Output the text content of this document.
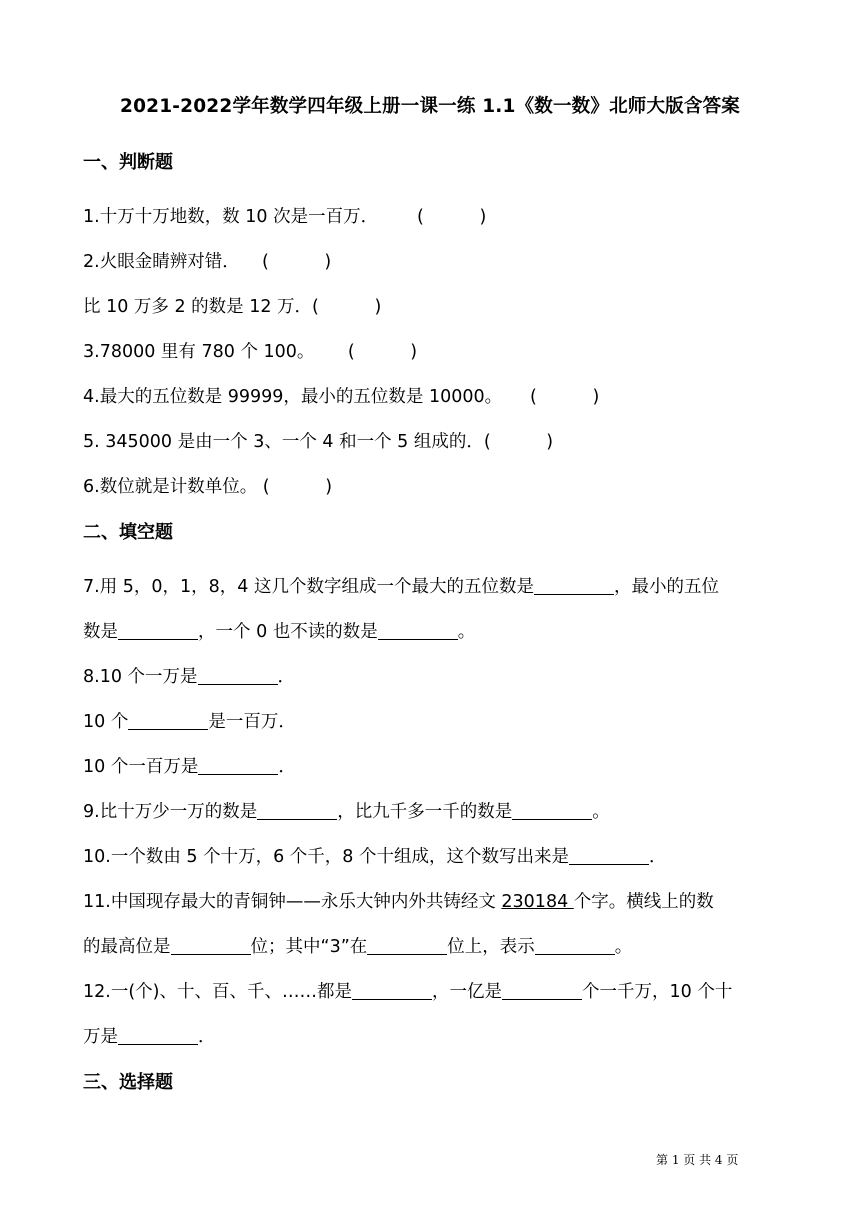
2021-2022学年数学四年级上册一课一练 1.1《数一数》北师大版含答案
一、判断题
1.十万十万地数，数 10 次是一百万． (          )
2.火眼金睛辨对错． (          )
比 10 万多 2 的数是 12 万．(          )
3.78000 里有 780 个 100。 (          )
4.最大的五位数是 99999，最小的五位数是 10000。 (          )
5. 345000 是由一个 3、一个 4 和一个 5 组成的．(          )
6.数位就是计数单位。 (          )
二、填空题
7.用 5，0，1，8，4 这几个数字组成一个最大的五位数是	，最小的五位
数是	，一个 0 也不读的数是	。
8.10 个一万是	．
10 个	是一百万．
10 个一百万是	．
9.比十万少一万的数是	，比九千多一千的数是	。
10.一个数由 5 个十万，6 个千，8 个十组成，这个数写出来是	．
11.中国现存最大的青铜钟——永乐大钟内外共铸经文 230184 个字。横线上的数
的最高位是	位；其中“3”在	位上，表示	。
12.一(个)、十、百、千、……都是	，一亿是	个一千万，10 个十
万是	．
三、选择题
第 1 页 共 4 页
